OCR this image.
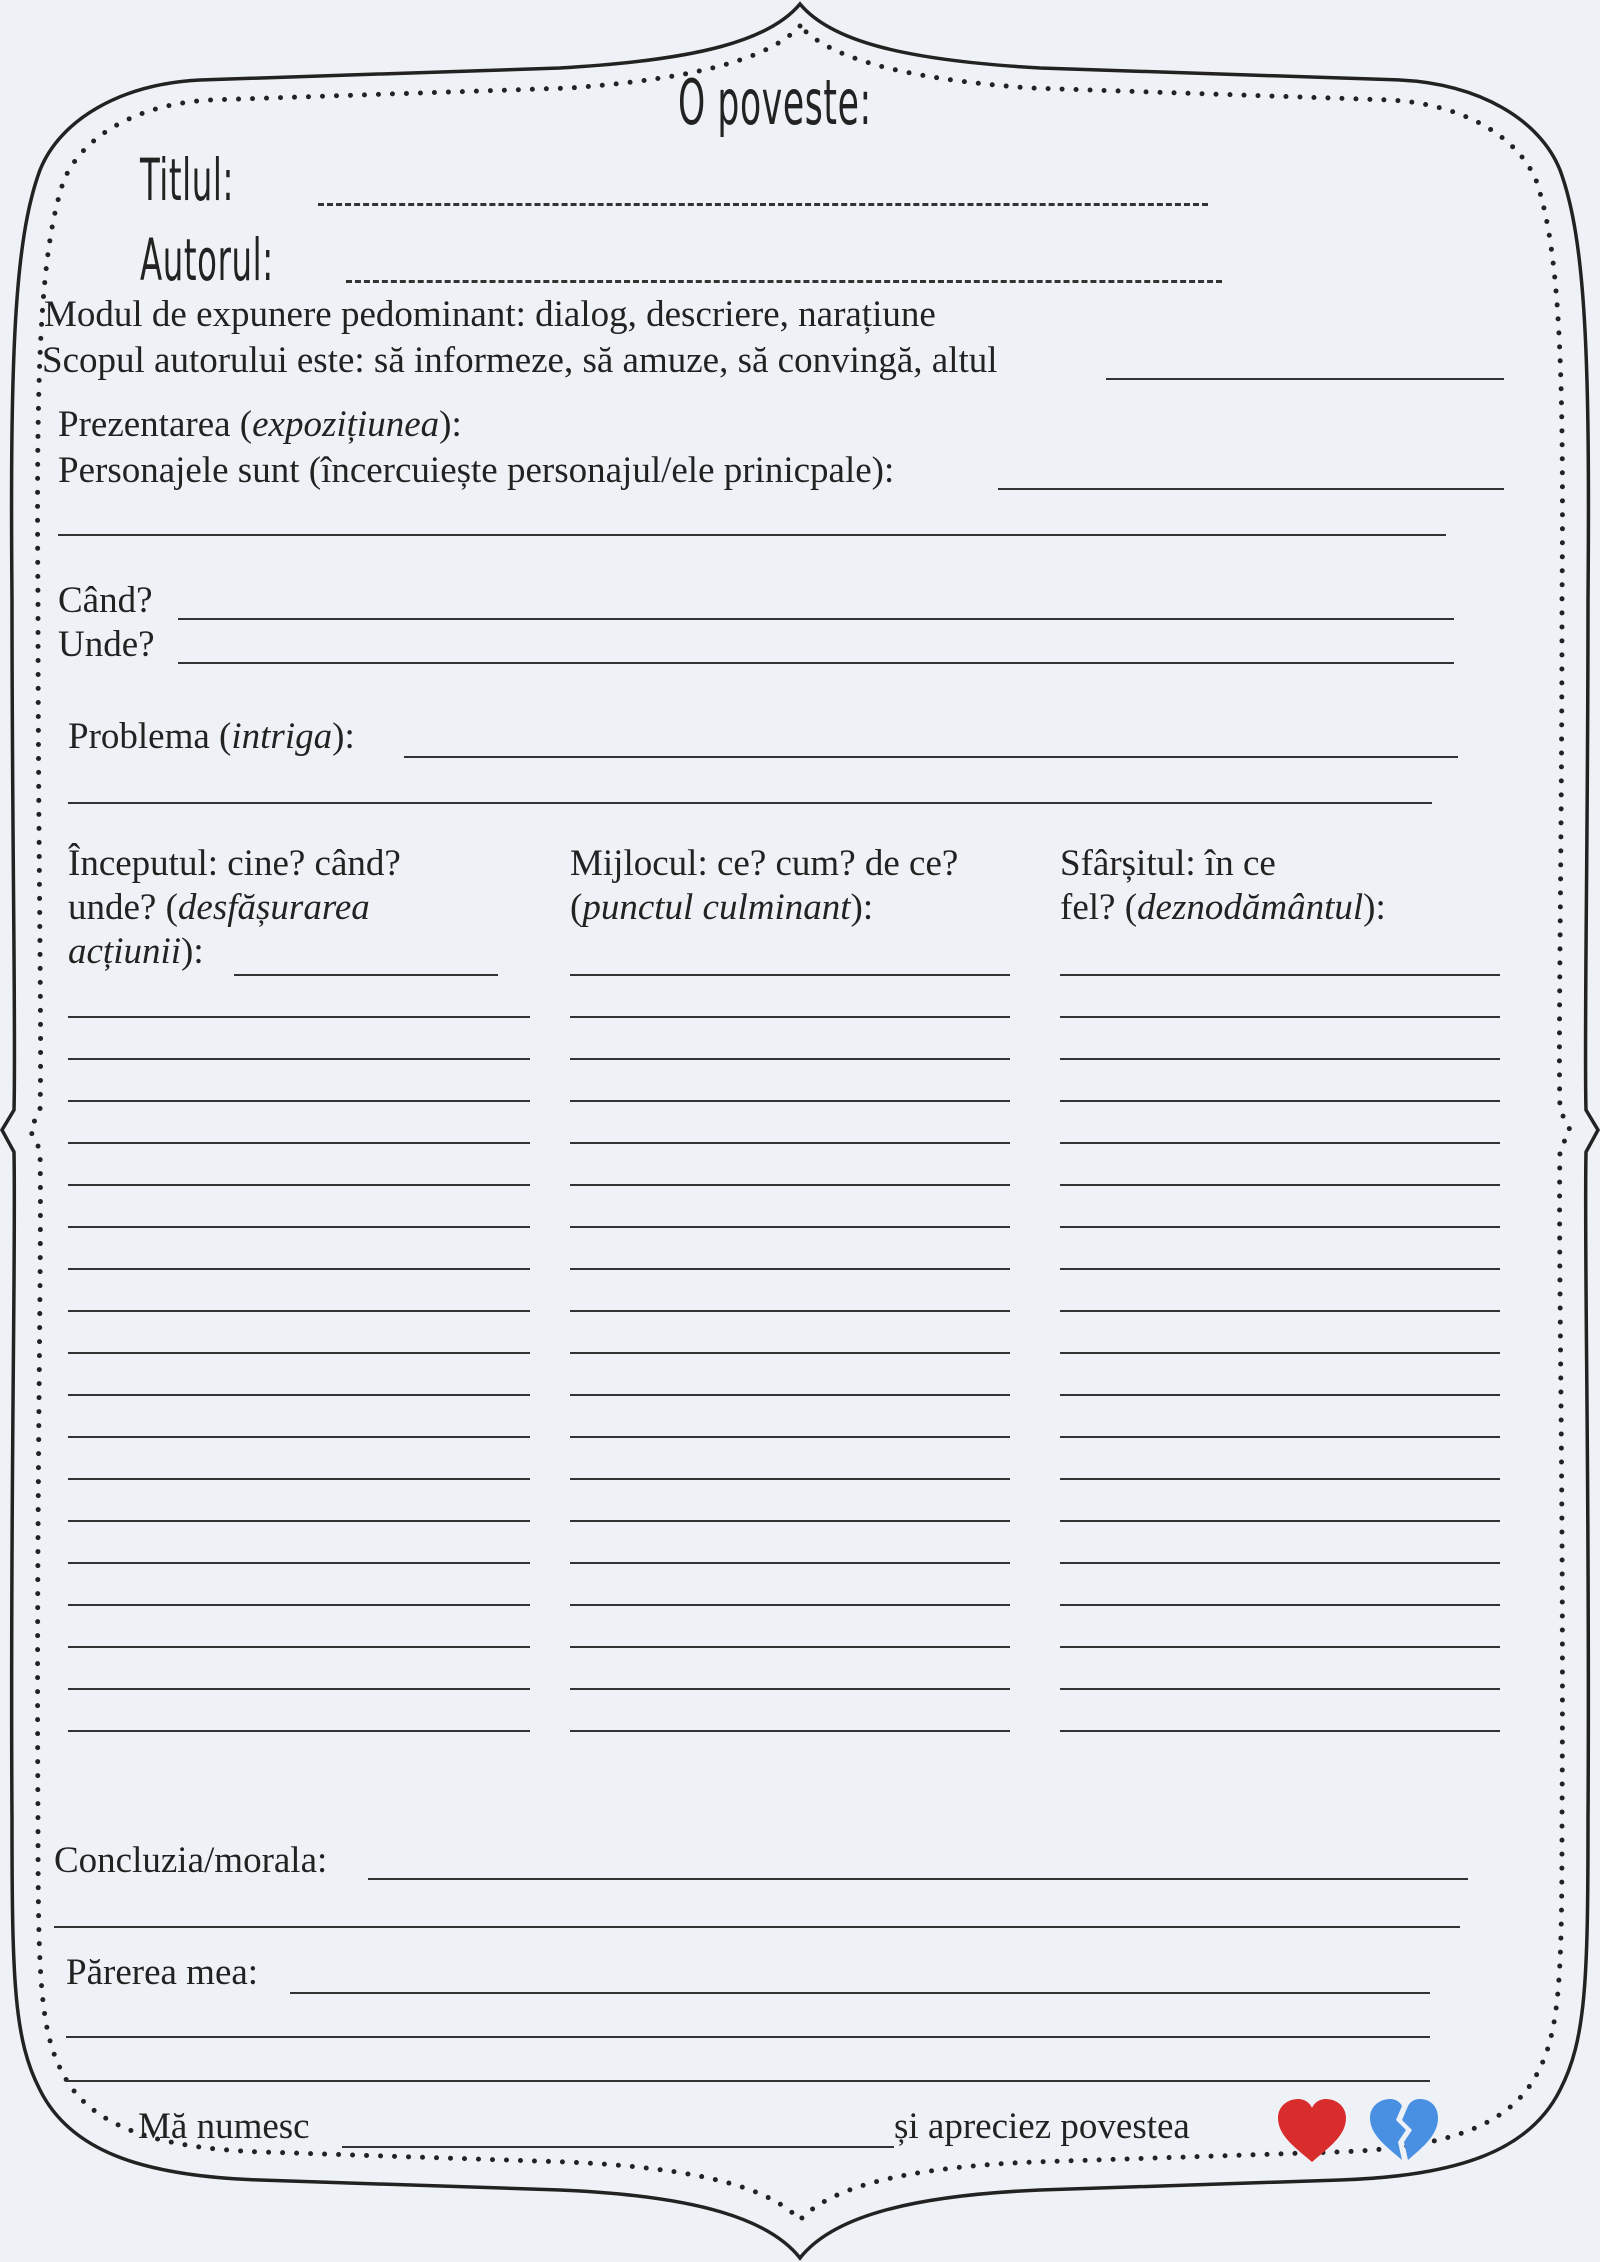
O poveste:
Titlul:
Autorul:
Modul de expunere pedominant: dialog, descriere, narațiune
Scopul autorului este: să informeze, să amuze, să convingă, altul
Prezentarea (expozițiunea):
Personajele sunt (încercuiește personajul/ele prinicpale):
Când?
Unde?
Problema (intriga):
Începutul: cine? când?
unde? (desfășurarea
acțiunii):
Mijlocul: ce? cum? de ce?
(punctul culminant):
Sfârșitul: în ce
fel? (deznodământul):
Concluzia/morala:
Părerea mea:
Mă numesc	și apreciez povestea
